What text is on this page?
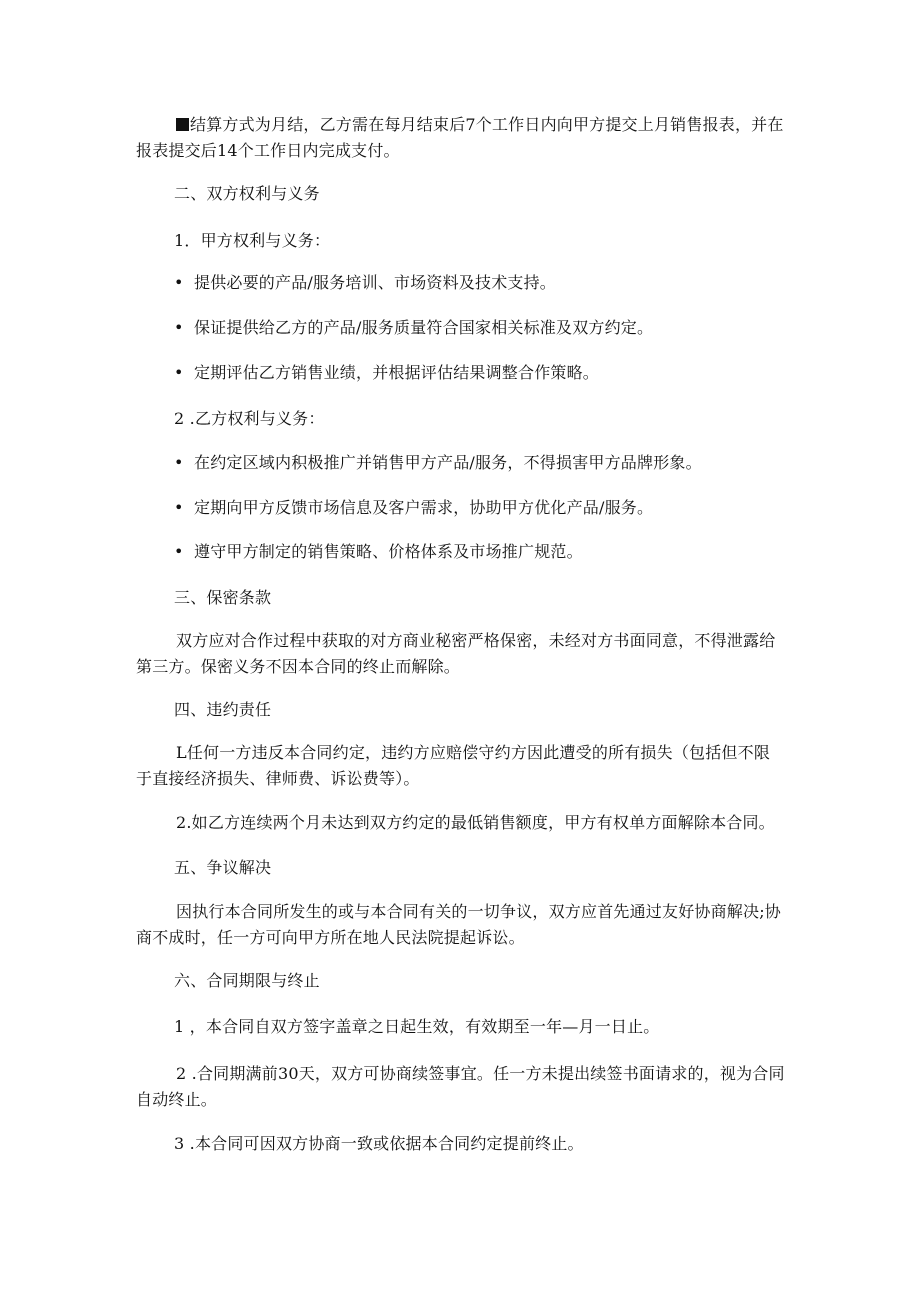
结算方式为月结，乙方需在每月结束后7个工作日内向甲方提交上月销售报表，并在报表提交后14个工作日内完成支付。
二、双方权利与义务
1．甲方权利与义务：
• 提供必要的产品/服务培训、市场资料及技术支持。
• 保证提供给乙方的产品/服务质量符合国家相关标准及双方约定。
• 定期评估乙方销售业绩，并根据评估结果调整合作策略。
2 .乙方权利与义务：
• 在约定区域内积极推广并销售甲方产品/服务，不得损害甲方品牌形象。
• 定期向甲方反馈市场信息及客户需求，协助甲方优化产品/服务。
• 遵守甲方制定的销售策略、价格体系及市场推广规范。
三、保密条款
双方应对合作过程中获取的对方商业秘密严格保密，未经对方书面同意，不得泄露给第三方。保密义务不因本合同的终止而解除。
四、违约责任
L任何一方违反本合同约定，违约方应赔偿守约方因此遭受的所有损失（包括但不限于直接经济损失、律师费、诉讼费等）。
2.如乙方连续两个月未达到双方约定的最低销售额度，甲方有权单方面解除本合同。
五、争议解决
因执行本合同所发生的或与本合同有关的一切争议，双方应首先通过友好协商解决;协商不成时，任一方可向甲方所在地人民法院提起诉讼。
六、合同期限与终止
1 ，本合同自双方签字盖章之日起生效，有效期至一年—月一日止。
2 .合同期满前30天，双方可协商续签事宜。任一方未提出续签书面请求的，视为合同自动终止。
3 .本合同可因双方协商一致或依据本合同约定提前终止。
